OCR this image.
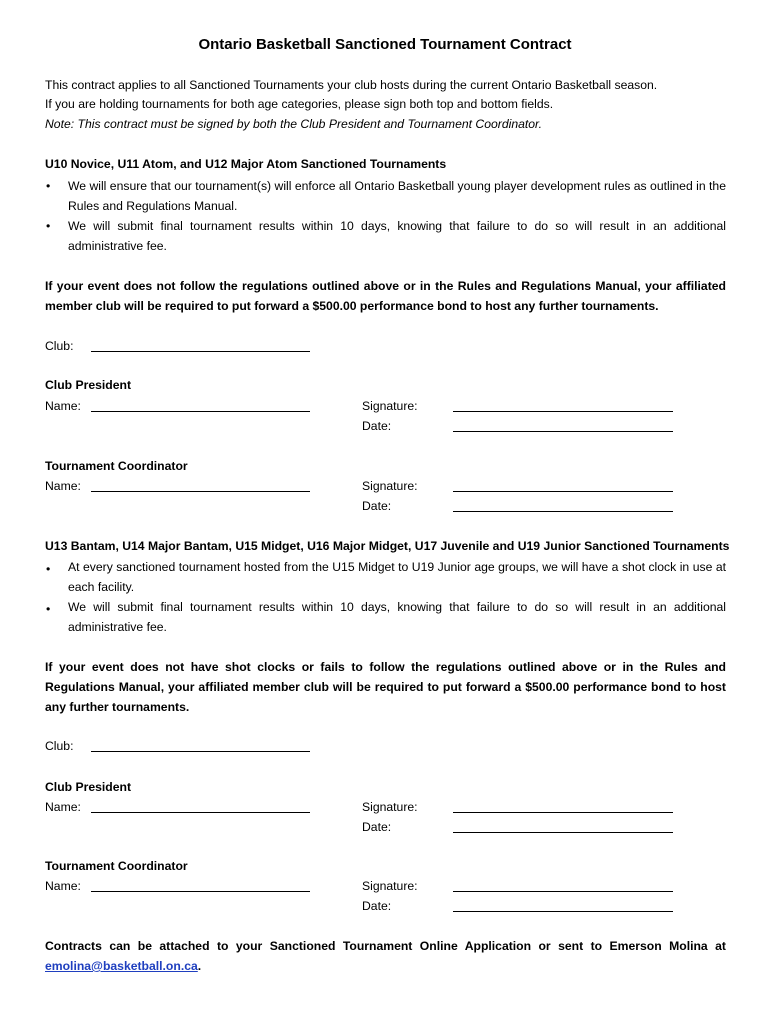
Ontario Basketball Sanctioned Tournament Contract
This contract applies to all Sanctioned Tournaments your club hosts during the current Ontario Basketball season.
If you are holding tournaments for both age categories, please sign both top and bottom fields.
Note: This contract must be signed by both the Club President and Tournament Coordinator.
U10 Novice, U11 Atom, and U12 Major Atom Sanctioned Tournaments
• We will ensure that our tournament(s) will enforce all Ontario Basketball young player development rules as outlined in the Rules and Regulations Manual.
• We will submit final tournament results within 10 days, knowing that failure to do so will result in an additional administrative fee.
If your event does not follow the regulations outlined above or in the Rules and Regulations Manual, your affiliated member club will be required to put forward a $500.00 performance bond to host any further tournaments.
Club:
Club President
Name:	Signature:
Date:
Tournament Coordinator
Name:	Signature:
Date:
U13 Bantam, U14 Major Bantam, U15 Midget, U16 Major Midget, U17 Juvenile and U19 Junior Sanctioned Tournaments
• At every sanctioned tournament hosted from the U15 Midget to U19 Junior age groups, we will have a shot clock in use at each facility.
• We will submit final tournament results within 10 days, knowing that failure to do so will result in an additional administrative fee.
If your event does not have shot clocks or fails to follow the regulations outlined above or in the Rules and Regulations Manual, your affiliated member club will be required to put forward a $500.00 performance bond to host any further tournaments.
Club:
Club President
Name:	Signature:
Date:
Tournament Coordinator
Name:	Signature:
Date:
Contracts can be attached to your Sanctioned Tournament Online Application or sent to Emerson Molina at emolina@basketball.on.ca.
